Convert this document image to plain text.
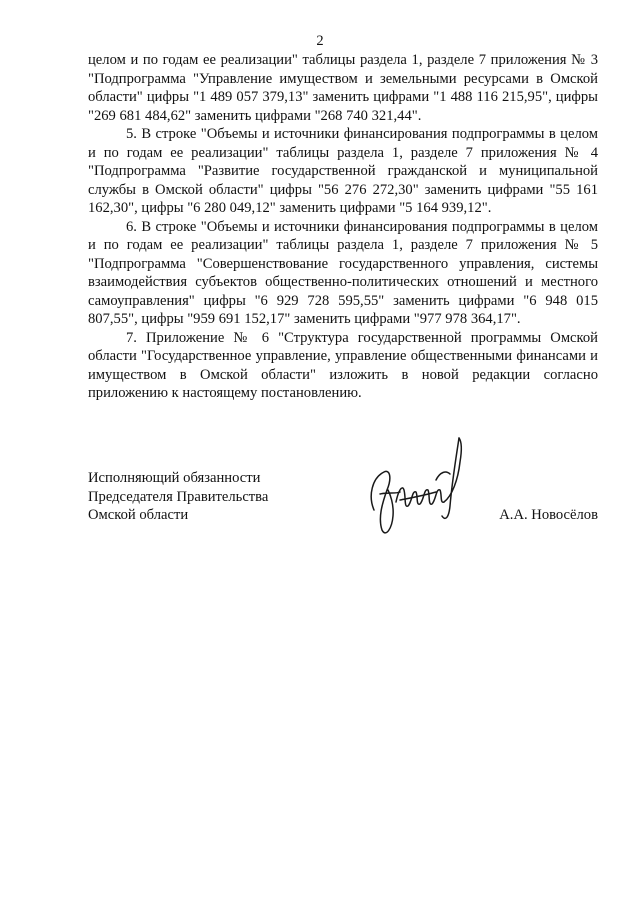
2

целом и по годам ее реализации" таблицы раздела 1, разделе 7 приложения № 3 "Подпрограмма "Управление имуществом и земельными ресурсами в Омской области" цифры "1 489 057 379,13" заменить цифрами "1 488 116 215,95", цифры "269 681 484,62" заменить цифрами "268 740 321,44".

5. В строке "Объемы и источники финансирования подпрограммы в целом и по годам ее реализации" таблицы раздела 1, разделе 7 приложения № 4 "Подпрограмма "Развитие государственной гражданской и муниципальной службы в Омской области" цифры "56 276 272,30" заменить цифрами "55 161 162,30", цифры "6 280 049,12" заменить цифрами "5 164 939,12".

6. В строке "Объемы и источники финансирования подпрограммы в целом и по годам ее реализации" таблицы раздела 1, разделе 7 приложения № 5 "Подпрограмма "Совершенствование государственного управления, системы взаимодействия субъектов общественно-политических отношений и местного самоуправления" цифры "6 929 728 595,55" заменить цифрами "6 948 015 807,55", цифры "959 691 152,17" заменить цифрами "977 978 364,17".

7. Приложение № 6 "Структура государственной программы Омской области "Государственное управление, управление общественными финансами и имуществом в Омской области" изложить в новой редакции согласно приложению к настоящему постановлению.

Исполняющий обязанности
Председателя Правительства
Омской области	А.А. Новосёлов
